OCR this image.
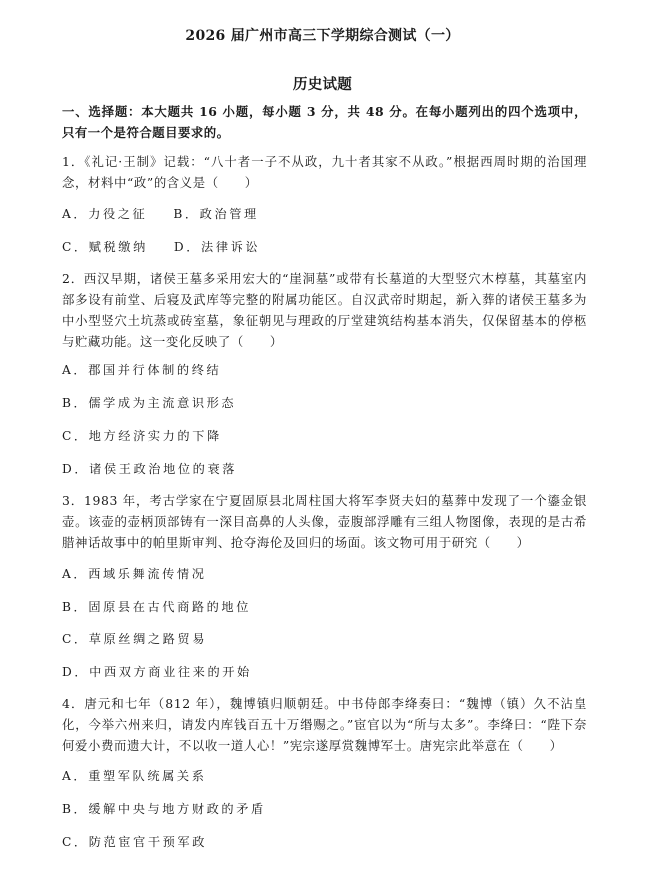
2026 届广州市高三下学期综合测试（一）
历史试题
一、选择题：本大题共 16 小题，每小题 3 分，共 48 分。在每小题列出的四个选项中，只有一个是符合题目要求的。
1．《礼记·王制》记载：“八十者一子不从政，九十者其家不从政。”根据西周时期的治国理念，材料中“政”的含义是（　　）
A．力役之征 B．政治管理
C．赋税缴纳 D．法律诉讼
2．西汉早期，诸侯王墓多采用宏大的“崖洞墓”或带有长墓道的大型竖穴木椁墓，其墓室内部多设有前堂、后寝及武库等完整的附属功能区。自汉武帝时期起，新入葬的诸侯王墓多为中小型竖穴土坑蒸或砖室墓，象征朝见与理政的厅堂建筑结构基本消失，仅保留基本的停柩与贮藏功能。这一变化反映了（　　）
A．郡国并行体制的终结
B．儒学成为主流意识形态
C．地方经济实力的下降
D．诸侯王政治地位的衰落
3．1983 年，考古学家在宁夏固原县北周柱国大将军李贤夫妇的墓葬中发现了一个鎏金银壶。该壶的壶柄顶部铸有一深目高鼻的人头像，壶腹部浮雕有三组人物图像，表现的是古希腊神话故事中的帕里斯审判、抢夺海伦及回归的场面。该文物可用于研究（　　）
A．西域乐舞流传情况
B．固原县在古代商路的地位
C．草原丝绸之路贸易
D．中西双方商业往来的开始
4．唐元和七年（812 年），魏博镇归顺朝廷。中书侍郎李绛奏曰：“魏博（镇）久不沾皇化，今举六州来归，请发内库钱百五十万缗赐之。”宦官以为“所与太多”。李绛曰：“陛下奈何爱小费而遗大计，不以收一道人心！”宪宗遂厚赏魏博军士。唐宪宗此举意在（　　）
A．重塑军队统属关系
B．缓解中央与地方财政的矛盾
C．防范宦官干预军政
